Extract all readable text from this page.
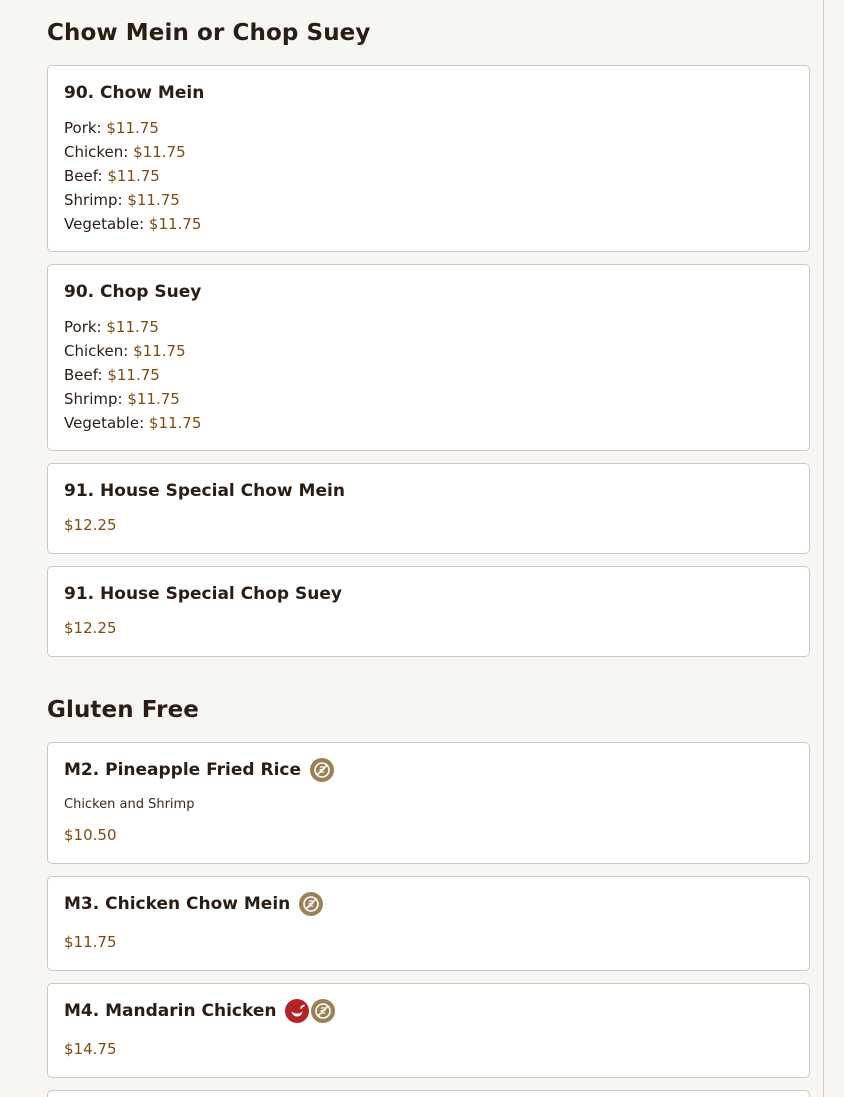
Chow Mein or Chop Suey
90. Chow Mein
Pork: $11.75
Chicken: $11.75
Beef: $11.75
Shrimp: $11.75
Vegetable: $11.75
90. Chop Suey
Pork: $11.75
Chicken: $11.75
Beef: $11.75
Shrimp: $11.75
Vegetable: $11.75
91. House Special Chow Mein
$12.25
91. House Special Chop Suey
$12.25
Gluten Free
M2. Pineapple Fried Rice
Chicken and Shrimp
$10.50
M3. Chicken Chow Mein
$11.75
M4. Mandarin Chicken
$14.75
